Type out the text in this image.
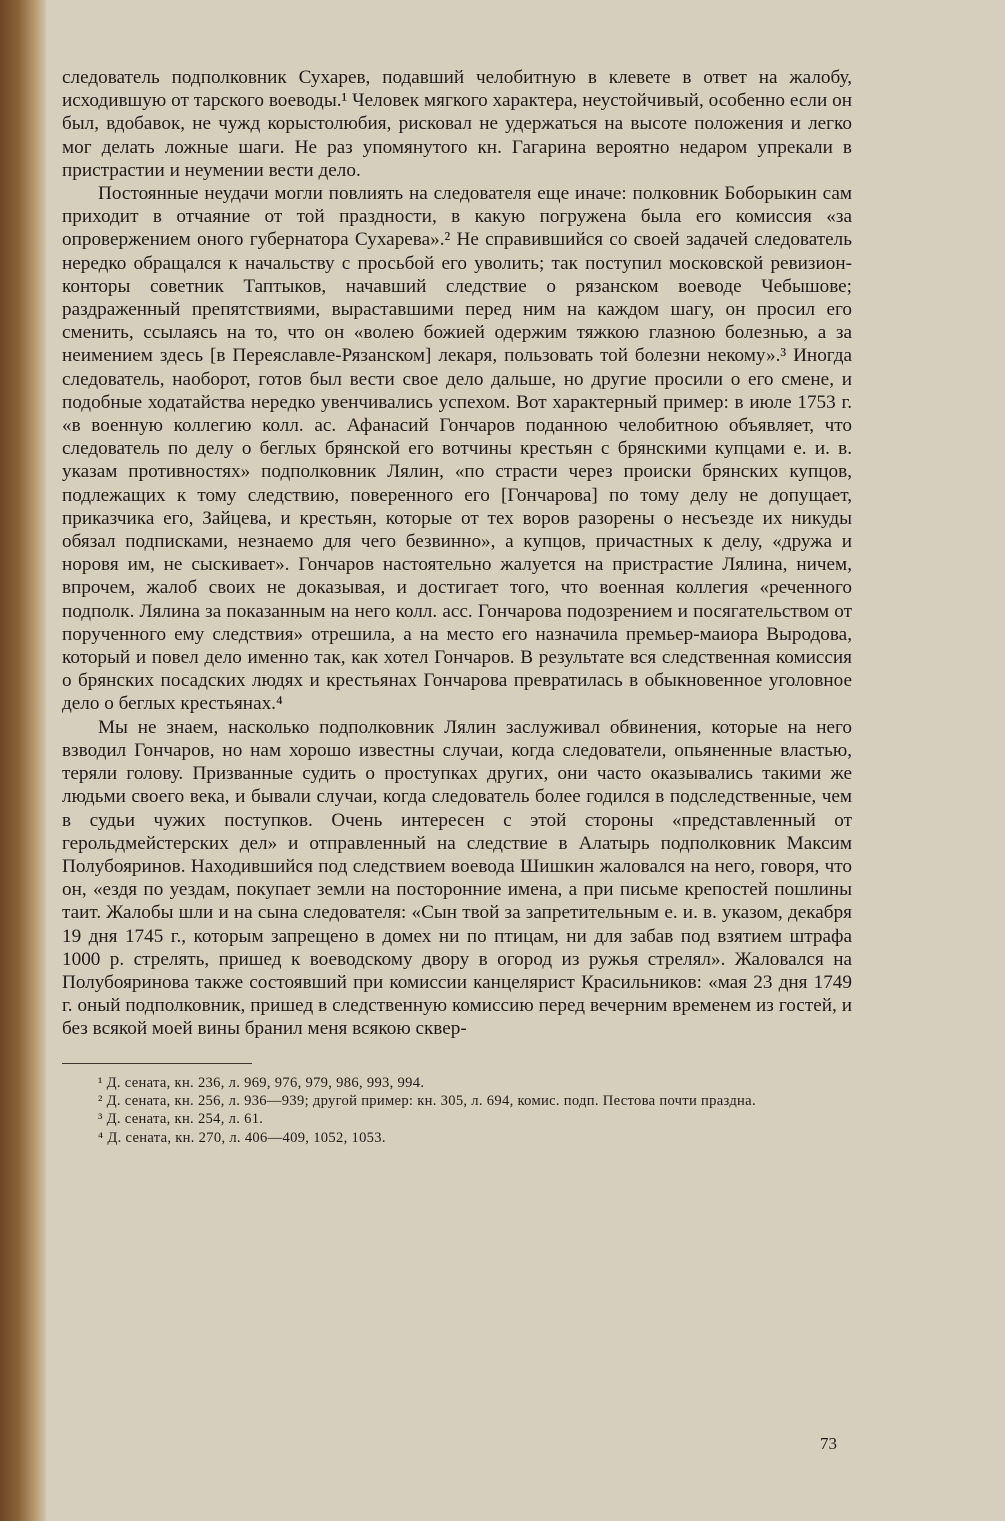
следователь подполковник Сухарев, подавший челобитную в клевете в ответ на жалобу, исходившую от тарского воеводы.¹ Человек мягкого характера, неустойчивый, особенно если он был, вдобавок, не чужд корыстолюбия, рисковал не удержаться на высоте положения и легко мог делать ложные шаги. Не раз упомянутого кн. Гагарина вероятно недаром упрекали в пристрастии и неумении вести дело.

Постоянные неудачи могли повлиять на следователя еще иначе: полковник Боборыкин сам приходит в отчаяние от той праздности, в какую погружена была его комиссия «за опровержением оного губернатора Сухарева».² Не справившийся со своей задачей следователь нередко обращался к начальству с просьбой его уволить; так поступил московской ревизион-конторы советник Таптыков, начавший следствие о рязанском воеводе Чебышове; раздраженный препятствиями, выраставшими перед ним на каждом шагу, он просил его сменить, ссылаясь на то, что он «волею божией одержим тяжкою глазною болезнью, а за неимением здесь [в Переяславле-Рязанском] лекаря, пользовать той болезни некому».³ Иногда следователь, наоборот, готов был вести свое дело дальше, но другие просили о его смене, и подобные ходатайства нередко увенчивались успехом. Вот характерный пример: в июле 1753 г. «в военную коллегию колл. ас. Афанасий Гончаров поданною челобитною объявляет, что следователь по делу о беглых брянской его вотчины крестьян с брянскими купцами е. и. в. указам противностях» подполковник Лялин, «по страсти через происки брянских купцов, подлежащих к тому следствию, поверенного его [Гончарова] по тому делу не допущает, приказчика его, Зайцева, и крестьян, которые от тех воров разорены о несъезде их никуды обязал подписками, незнаемо для чего безвинно», а купцов, причастных к делу, «дружа и норовя им, не сыскивает». Гончаров настоятельно жалуется на пристрастие Лялина, ничем, впрочем, жалоб своих не доказывая, и достигает того, что военная коллегия «реченного подполк. Лялина за показанным на него колл. асс. Гончарова подозрением и посягательством от порученного ему следствия» отрешила, а на место его назначила премьер-маиора Выродова, который и повел дело именно так, как хотел Гончаров. В результате вся следственная комиссия о брянских посадских людях и крестьянах Гончарова превратилась в обыкновенное уголовное дело о беглых крестьянах.⁴

Мы не знаем, насколько подполковник Лялин заслуживал обвинения, которые на него взводил Гончаров, но нам хорошо известны случаи, когда следователи, опьяненные властью, теряли голову. Призванные судить о проступках других, они часто оказывались такими же людьми своего века, и бывали случаи, когда следователь более годился в подследственные, чем в судьи чужих поступков. Очень интересен с этой стороны «представленный от герольдмейстерских дел» и отправленный на следствие в Алатырь подполковник Максим Полубояринов. Находившийся под следствием воевода Шишкин жаловался на него, говоря, что он, «ездя по уездам, покупает земли на посторонние имена, а при письме крепостей пошлины таит. Жалобы шли и на сына следователя: «Сын твой за запретительным е. и. в. указом, декабря 19 дня 1745 г., которым запрещено в домех ни по птицам, ни для забав под взятием штрафа 1000 р. стрелять, пришед к воеводскому двору в огород из ружья стрелял». Жаловался на Полубояринова также состоявший при комиссии канцелярист Красильников: «мая 23 дня 1749 г. оный подполковник, пришед в следственную комиссию перед вечерним временем из гостей, и без всякой моей вины бранил меня всякою сквер-

¹ Д. сената, кн. 236, л. 969, 976, 979, 986, 993, 994.

² Д. сената, кн. 256, л. 936—939; другой пример: кн. 305, л. 694, комис. подп. Пестова почти праздна.

³ Д. сената, кн. 254, л. 61.

⁴ Д. сената, кн. 270, л. 406—409, 1052, 1053.

73
